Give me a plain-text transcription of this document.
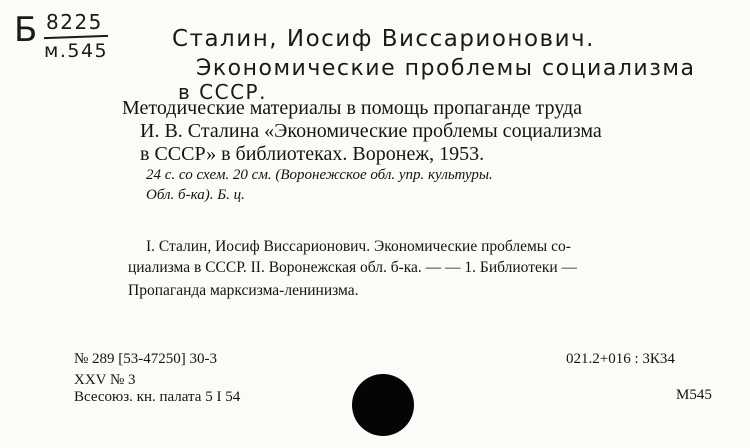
Б 8225
м.545	Сталин, Иосиф Виссарионович.
Экономические проблемы социализма
в СССР.
Методические материалы в помощь пропаганде труда
И. В. Сталина «Экономические проблемы социализма
в СССР» в библиотеках. Воронеж, 1953.
24 с. со схем. 20 см. (Воронежское обл. упр. культуры.
Обл. б-ка). Б. ц.
I. Сталин, Иосиф Виссарионович. Экономические проблемы со-
циализма в СССР. II. Воронежская обл. б-ка. — — 1. Библиотеки —
Пропаганда марксизма-ленинизма.
№ 289 [53-47250] 30-3
XXV № 3
Всесоюз. кн. палата 5 I 54
021.2+016 : 3К34
М545
